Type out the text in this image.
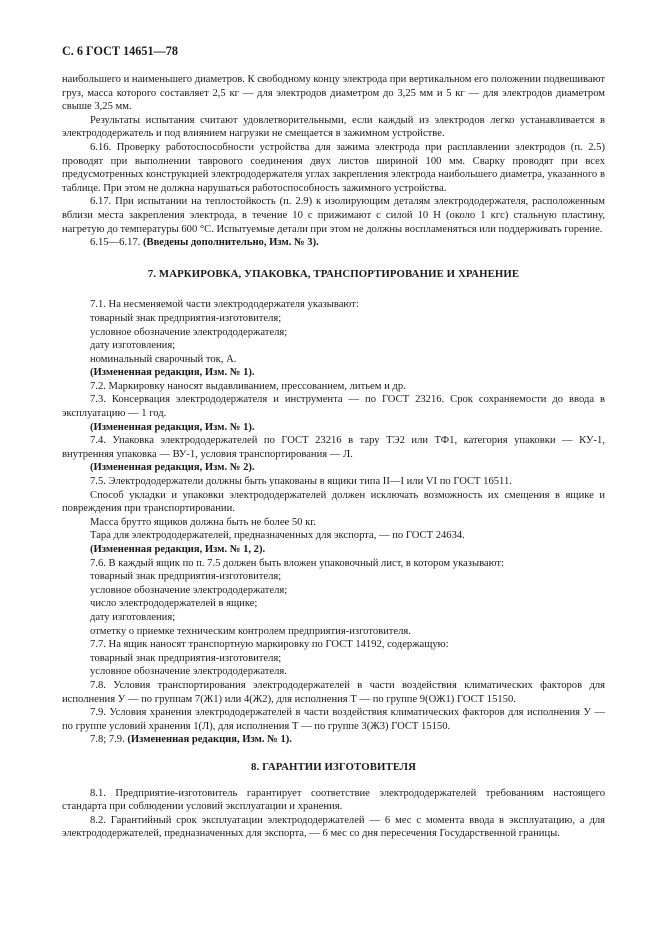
С. 6 ГОСТ 14651—78

наибольшего и наименьшего диаметров. К свободному концу электрода при вертикальном его положении подвешивают груз, масса которого составляет 2,5 кг — для электродов диаметром до 3,25 мм и 5 кг — для электродов диаметром свыше 3,25 мм.

Результаты испытания считают удовлетворительными, если каждый из электродов легко устанавливается в электрододержатель и под влиянием нагрузки не смещается в зажимном устройстве.

6.16. Проверку работоспособности устройства для зажима электрода при расплавлении электродов (п. 2.5) проводят при выполнении таврового соединения двух листов шириной 100 мм. Сварку проводят при всех предусмотренных конструкцией электрододержателя углах закрепления электрода наибольшего диаметра, указанного в таблице. При этом не должна нарушаться работоспособность зажимного устройства.

6.17. При испытании на теплостойкость (п. 2.9) к изолирующим деталям электрододержателя, расположенным вблизи места закрепления электрода, в течение 10 с прижимают с силой 10 Н (около 1 кгс) стальную пластину, нагретую до температуры 600 °С. Испытуемые детали при этом не должны воспламеняться или поддерживать горение.

6.15—6.17. (Введены дополнительно, Изм. № 3).

7. МАРКИРОВКА, УПАКОВКА, ТРАНСПОРТИРОВАНИЕ И ХРАНЕНИЕ

7.1. На несменяемой части электрододержателя указывают:

товарный знак предприятия-изготовителя;

условное обозначение электрододержателя;

дату изготовления;

номинальный сварочный ток, А.

(Измененная редакция, Изм. № 1).

7.2. Маркировку наносят выдавливанием, прессованием, литьем и др.

7.3. Консервация электрододержателя и инструмента — по ГОСТ 23216. Срок сохраняемости до ввода в эксплуатацию — 1 год.

(Измененная редакция, Изм. № 1).

7.4. Упаковка электрододержателей по ГОСТ 23216 в тару ТЭ2 или ТФ1, категория упаковки — КУ-1, внутренняя упаковка — ВУ-1, условия транспортирования — Л.

(Измененная редакция, Изм. № 2).

7.5. Электрододержатели должны быть упакованы в ящики типа II—I или VI по ГОСТ 16511.

Способ укладки и упаковки электрододержателей должен исключать возможность их смещения в ящике и повреждения при транспортировании.

Масса брутто ящиков должна быть не более 50 кг.

Тара для электрододержателей, предназначенных для экспорта, — по ГОСТ 24634.

(Измененная редакция, Изм. № 1, 2).

7.6. В каждый ящик по п. 7.5 должен быть вложен упаковочный лист, в котором указывают:

товарный знак предприятия-изготовителя;

условное обозначение электрододержателя;

число электрододержателей в ящике;

дату изготовления;

отметку о приемке техническим контролем предприятия-изготовителя.

7.7. На ящик наносят транспортную маркировку по ГОСТ 14192, содержащую:

товарный знак предприятия-изготовителя;

условное обозначение электрододержателя.

7.8. Условия транспортирования электрододержателей в части воздействия климатических факторов для исполнения У — по группам 7(Ж1) или 4(Ж2), для исполнения Т — по группе 9(ОЖ1) ГОСТ 15150.

7.9. Условия хранения электрододержателей в части воздействия климатических факторов для исполнения У — по группе условий хранения 1(Л), для исполнения Т — по группе 3(Ж3) ГОСТ 15150.

7.8; 7.9. (Измененная редакция, Изм. № 1).

8. ГАРАНТИИ ИЗГОТОВИТЕЛЯ

8.1. Предприятие-изготовитель гарантирует соответствие электрододержателей требованиям настоящего стандарта при соблюдении условий эксплуатации и хранения.

8.2. Гарантийный срок эксплуатации электрододержателей — 6 мес с момента ввода в эксплуатацию, а для электрододержателей, предназначенных для экспорта, — 6 мес со дня пересечения Государственной границы.
